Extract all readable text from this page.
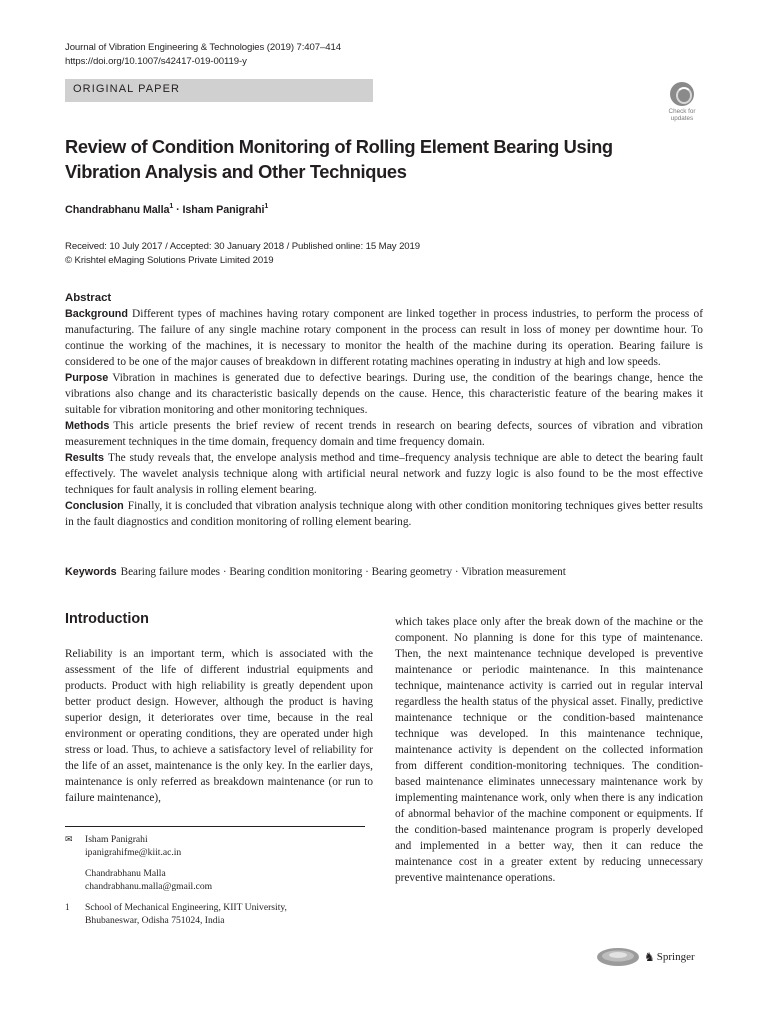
Journal of Vibration Engineering & Technologies (2019) 7:407–414
https://doi.org/10.1007/s42417-019-00119-y
ORIGINAL PAPER
Check for updates
Review of Condition Monitoring of Rolling Element Bearing Using Vibration Analysis and Other Techniques
Chandrabhanu Malla$^1$ · Isham Panigrahi$^1$
Received: 10 July 2017 / Accepted: 30 January 2018 / Published online: 15 May 2019
© Krishtel eMaging Solutions Private Limited 2019
Abstract

Background Different types of machines having rotary component are linked together in process industries, to perform the process of manufacturing. The failure of any single machine rotary component in the process can result in loss of money per downtime hour. To continue the working of the machines, it is necessary to monitor the health of the machine during its operation. Bearing failure is considered to be one of the major causes of breakdown in different rotating machines operating in industry at high and low speeds.

Purpose Vibration in machines is generated due to defective bearings. During use, the condition of the bearings change, hence the vibrations also change and its characteristic basically depends on the cause. Hence, this characteristic feature of the bearing makes it suitable for vibration monitoring and other monitoring techniques.

Methods This article presents the brief review of recent trends in research on bearing defects, sources of vibration and vibration measurement techniques in the time domain, frequency domain and time frequency domain.

Results The study reveals that, the envelope analysis method and time–frequency analysis technique are able to detect the bearing fault effectively. The wavelet analysis technique along with artificial neural network and fuzzy logic is also found to be the most effective techniques for fault analysis in rolling element bearing.

Conclusion Finally, it is concluded that vibration analysis technique along with other condition monitoring techniques gives better results in the fault diagnostics and condition monitoring of rolling element bearing.

Keywords Bearing failure modes · Bearing condition monitoring · Bearing geometry · Vibration measurement
Introduction
Reliability is an important term, which is associated with the assessment of the life of different industrial equipments and products. Product with high reliability is greatly dependent upon better product design. However, although the product is having superior design, it deteriorates over time, because in the real environment or operating conditions, they are operated under high stress or load. Thus, to achieve a satisfactory level of reliability for the life of an asset, maintenance is the only key. In the earlier days, maintenance is only referred as breakdown maintenance (or run to failure maintenance),
✉	Isham Panigrahi
ipanigrahifme@kiit.ac.in
Chandrabhanu Malla
chandrabhanu.malla@gmail.com
1	School of Mechanical Engineering, KIIT University,
Bhubaneswar, Odisha 751024, India
which takes place only after the break down of the machine or the component. No planning is done for this type of maintenance. Then, the next maintenance technique developed is preventive maintenance or periodic maintenance. In this maintenance technique, maintenance activity is carried out in regular interval regardless the health status of the physical asset. Finally, predictive maintenance technique or the condition-based maintenance technique was developed. In this maintenance technique, maintenance activity is dependent on the collected information from different condition-monitoring techniques. The condition-based maintenance eliminates unnecessary maintenance work by implementing maintenance work, only when there is any indication of abnormal behavior of the machine component or equipments. If the condition-based maintenance program is properly developed and implemented in a better way, then it can reduce the maintenance cost in a greater extent by reducing unnecessary preventive maintenance operations.
♞ Springer
